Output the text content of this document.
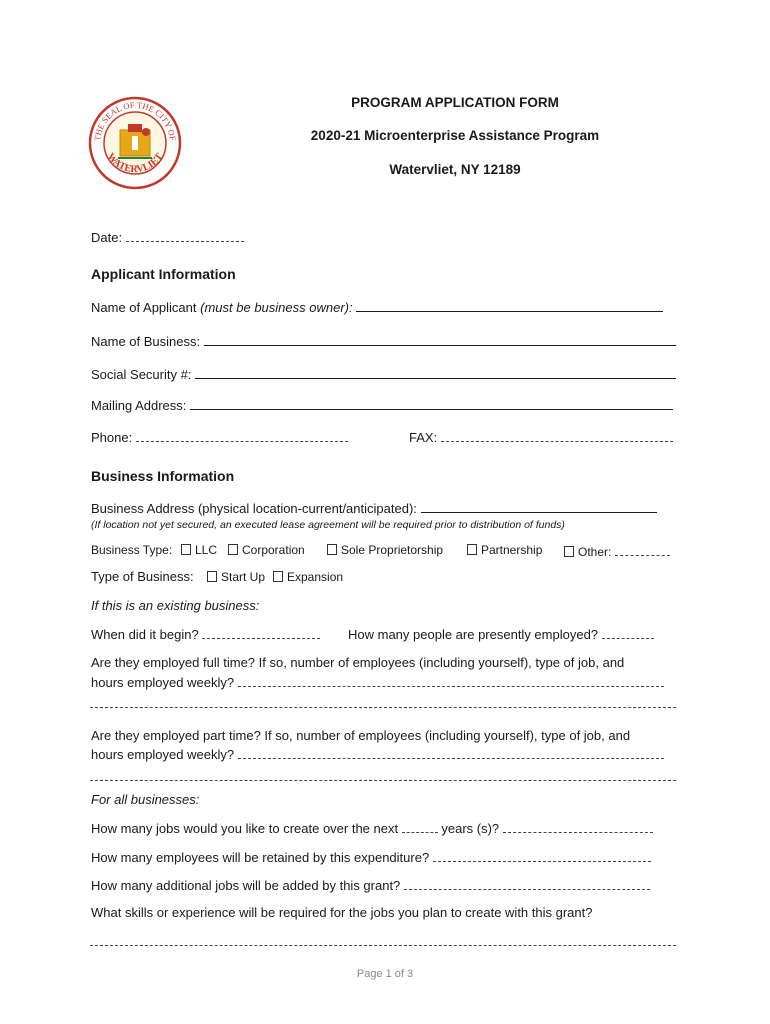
THE SEAL OF THE CITY OF
WATERVLIET
PROGRAM APPLICATION FORM
2020-21 Microenterprise Assistance Program
Watervliet, NY 12189
Date:
Applicant Information
Name of Applicant (must be business owner):
Name of Business:
Social Security #:
Mailing Address:
Phone:	FAX:
Business Information
Business Address (physical location-current/anticipated):
(If location not yet secured, an executed lease agreement will be required prior to distribution of funds)
Business Type:	LLC	Corporation	Sole Proprietorship	Partnership	Other:
Type of Business:	Start Up	Expansion
If this is an existing business:
When did it begin?	How many people are presently employed?
Are they employed full time? If so, number of employees (including yourself), type of job, and
hours employed weekly?
Are they employed part time? If so, number of employees (including yourself), type of job, and
hours employed weekly?
For all businesses:
How many jobs would you like to create over the next	years (s)?
How many employees will be retained by this expenditure?
How many additional jobs will be added by this grant?
What skills or experience will be required for the jobs you plan to create with this grant?
Page 1 of 3
